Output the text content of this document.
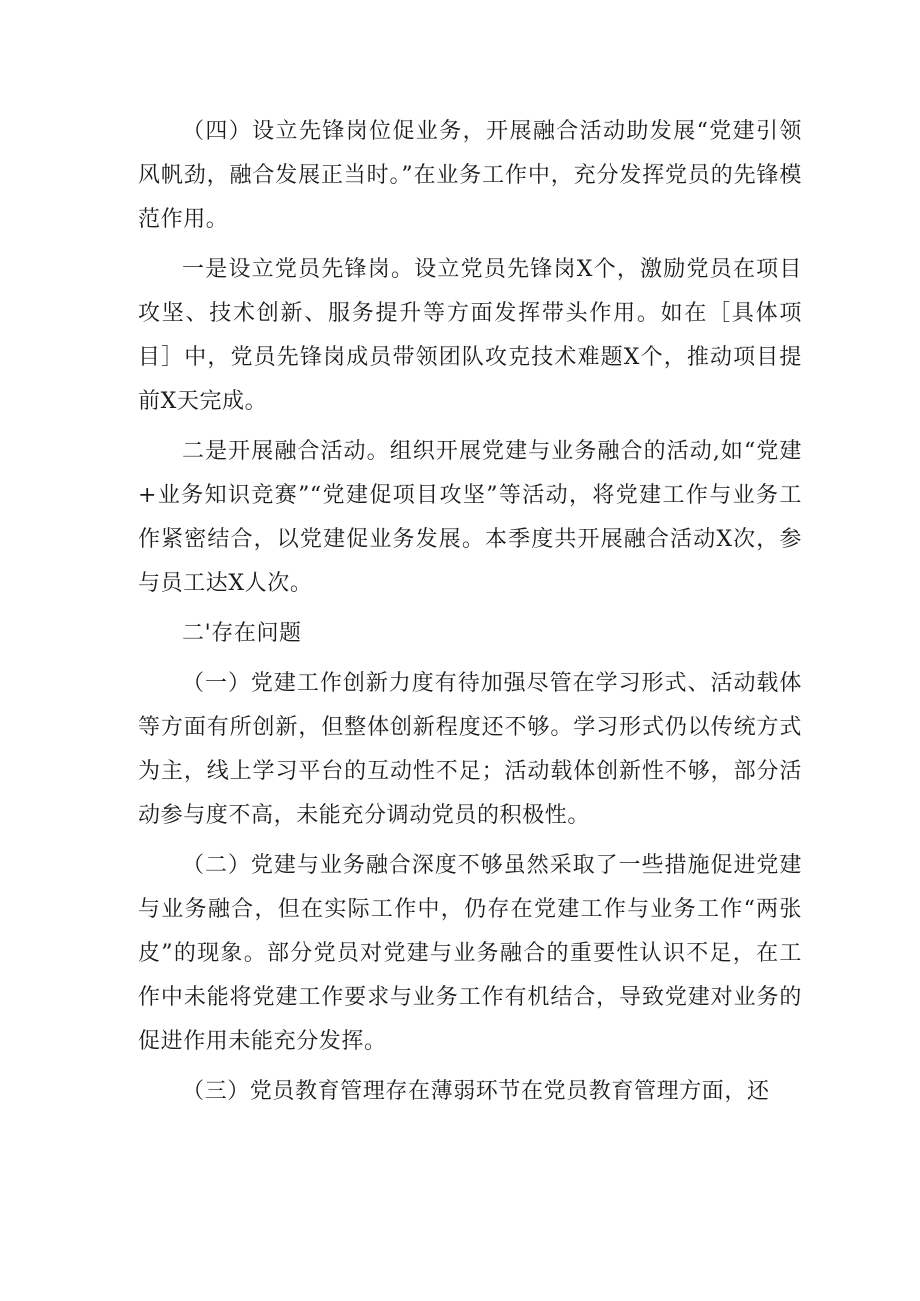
（四）设立先锋岗位促业务，开展融合活动助发展“党建引领风帆劲，融合发展正当时。”在业务工作中，充分发挥党员的先锋模范作用。

一是设立党员先锋岗。设立党员先锋岗X个，激励党员在项目攻坚、技术创新、服务提升等方面发挥带头作用。如在［具体项目］中，党员先锋岗成员带领团队攻克技术难题X个，推动项目提前X天完成。

二是开展融合活动。组织开展党建与业务融合的活动,如“党建+业务知识竞赛”“党建促项目攻坚”等活动，将党建工作与业务工作紧密结合，以党建促业务发展。本季度共开展融合活动X次，参与员工达X人次。

二'存在问题

（一）党建工作创新力度有待加强尽管在学习形式、活动载体等方面有所创新，但整体创新程度还不够。学习形式仍以传统方式为主，线上学习平台的互动性不足；活动载体创新性不够，部分活动参与度不高，未能充分调动党员的积极性。

（二）党建与业务融合深度不够虽然采取了一些措施促进党建与业务融合，但在实际工作中，仍存在党建工作与业务工作“两张皮”的现象。部分党员对党建与业务融合的重要性认识不足，在工作中未能将党建工作要求与业务工作有机结合，导致党建对业务的促进作用未能充分发挥。

（三）党员教育管理存在薄弱环节在党员教育管理方面，还
